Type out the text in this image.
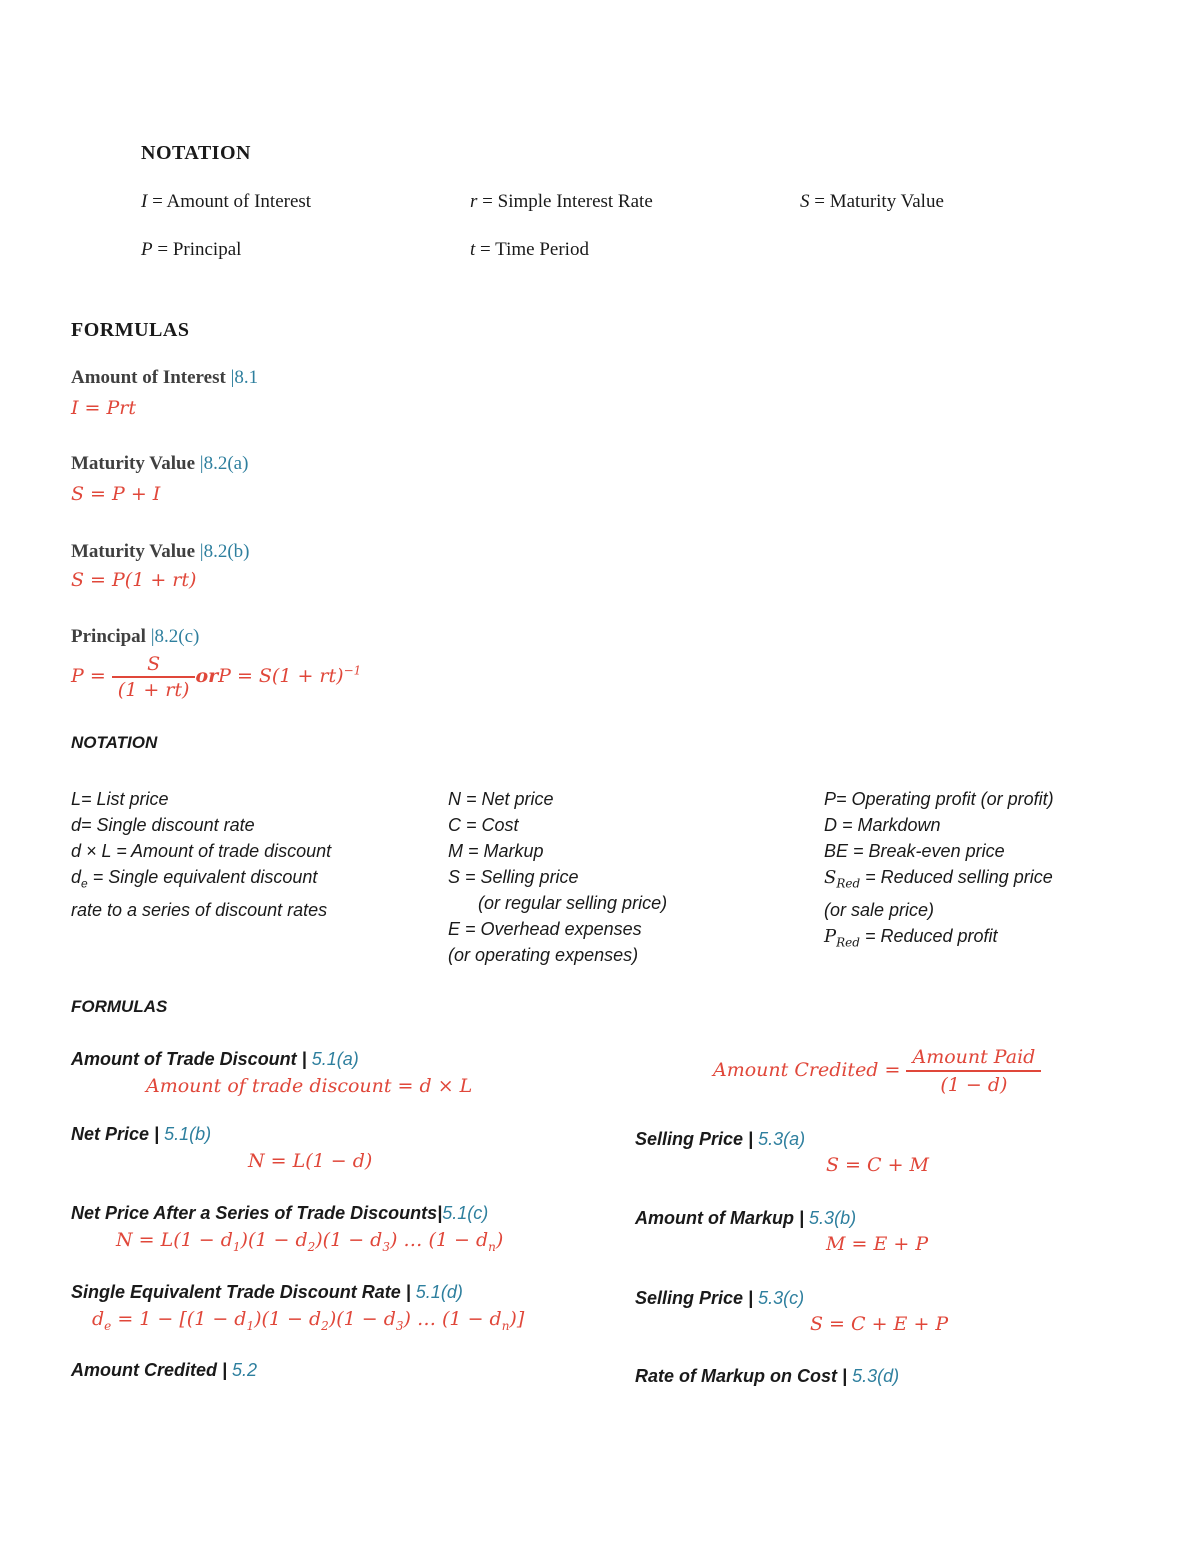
NOTATION
I = Amount of Interest	r = Simple Interest Rate	S = Maturity Value
P = Principal	t = Time Period
FORMULAS
Amount of Interest |8.1
I = Prt
Maturity Value |8.2(a)
S = P + I
Maturity Value |8.2(b)
S = P(1 + rt)
Principal |8.2(c)
$P = \frac{S}{(1 + rt)}$ orP = S(1 + rt)$^{-1}$
NOTATION
L= List price
d= Single discount rate
d × L = Amount of trade discount
$d_e$ = Single equivalent discount
rate to a series of discount rates
N = Net price
C = Cost
M = Markup
S = Selling price
(or regular selling price)
E = Overhead expenses
(or operating expenses)
P= Operating profit (or profit)
D = Markdown
BE = Break-even price
$S_{Red}$ = Reduced selling price
(or sale price)
$P_{Red}$ = Reduced profit
FORMULAS
Amount of Trade Discount | 5.1(a)
Amount of trade discount = d × L
Net Price | 5.1(b)
N = L(1 − d)
Net Price After a Series of Trade Discounts|5.1(c)
$N = L(1 - d_1)(1 - d_2)(1 - d_3)$ … $(1 - d_n)$
Single Equivalent Trade Discount Rate | 5.1(d)
$d_e = 1 - [(1 - d_1)(1 - d_2)(1 - d_3)$ … $(1 - d_n)$]
Amount Credited | 5.2
Amount Credited = $\frac{\text{Amount Paid}}{(1 - d)}$
Selling Price | 5.3(a)
S = C + M
Amount of Markup | 5.3(b)
M = E + P
Selling Price | 5.3(c)
S = C + E + P
Rate of Markup on Cost | 5.3(d)
